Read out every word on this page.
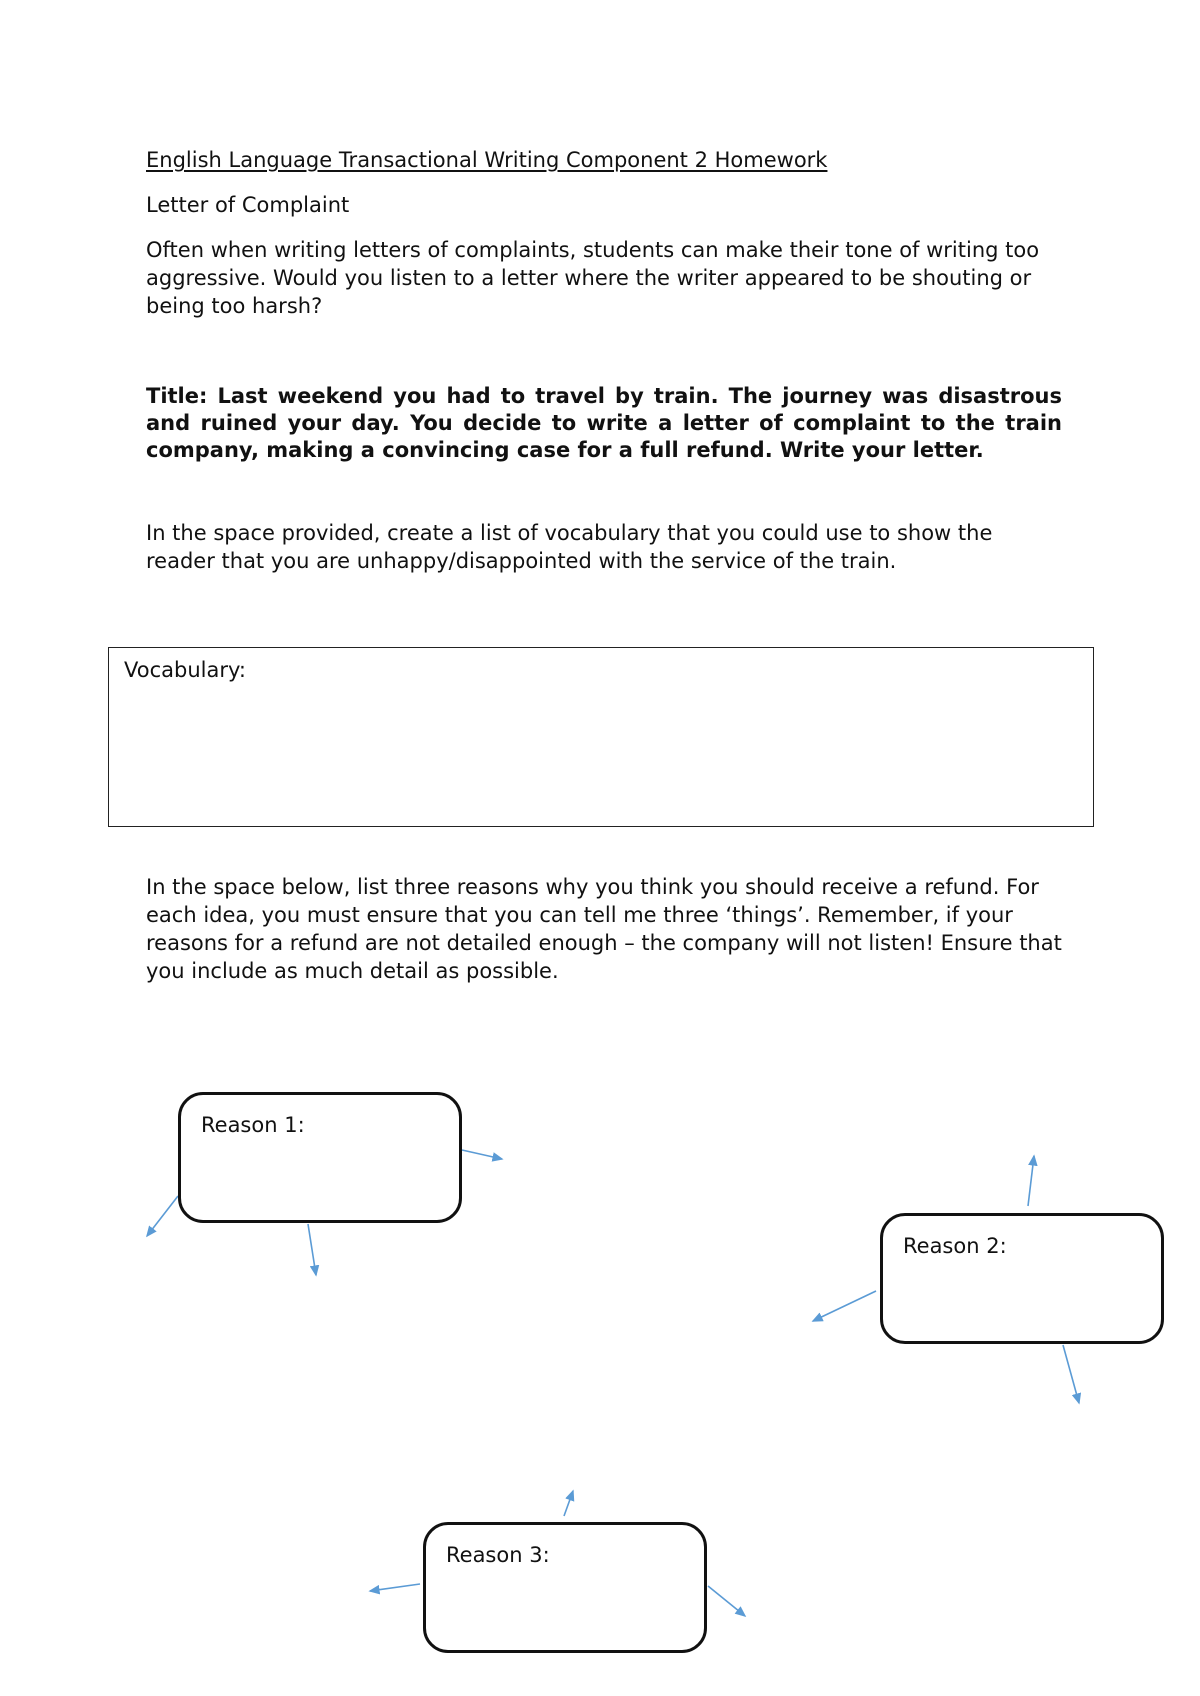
English Language Transactional Writing Component 2 Homework

Letter of Complaint

Often when writing letters of complaints, students can make their tone of writing too aggressive. Would you listen to a letter where the writer appeared to be shouting or being too harsh?

Title: Last weekend you had to travel by train. The journey was disastrous and ruined your day. You decide to write a letter of complaint to the train company, making a convincing case for a full refund. Write your letter.

In the space provided, create a list of vocabulary that you could use to show the reader that you are unhappy/disappointed with the service of the train.

Vocabulary:

In the space below, list three reasons why you think you should receive a refund. For each idea, you must ensure that you can tell me three ‘things’. Remember, if your reasons for a refund are not detailed enough – the company will not listen! Ensure that you include as much detail as possible.

Reason 1:
Reason 2:
Reason 3:
